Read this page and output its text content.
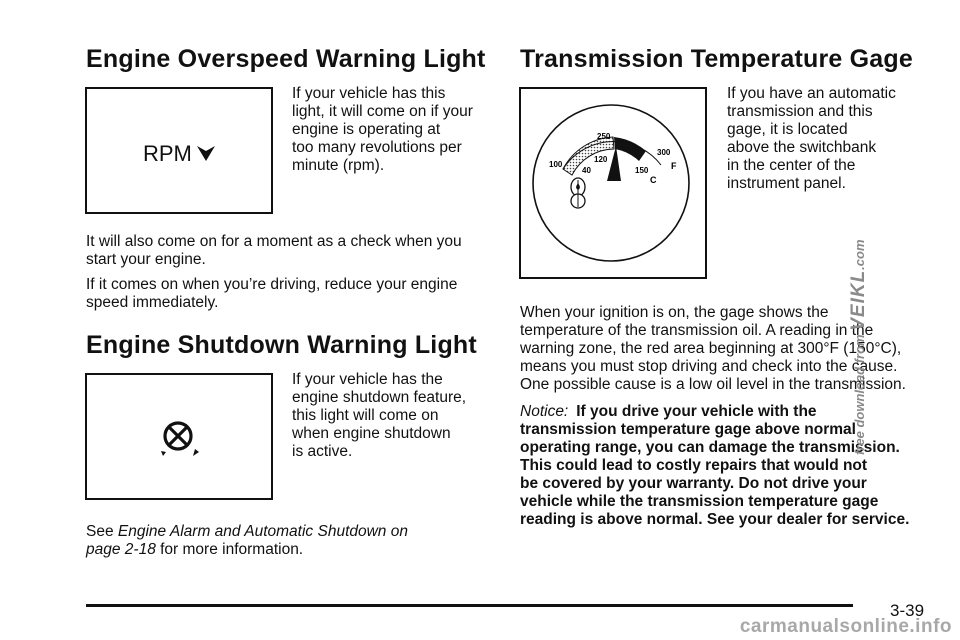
Engine Overspeed Warning Light
RPM

If your vehicle has this

light, it will come on if your

engine is operating at

too many revolutions per

minute (rpm).

It will also come on for a moment as a check when you

start your engine.

If it comes on when you’re driving, reduce your engine

speed immediately.

Engine Shutdown Warning Light

If your vehicle has the

engine shutdown feature,

this light will come on

when engine shutdown

is active.

See Engine Alarm and Automatic Shutdown on

page 2-18 for more information.

Transmission Temperature Gage
250
300
100
120
40	150	F
C

If you have an automatic

transmission and this

gage, it is located

above the switchbank

in the center of the

instrument panel.

When your ignition is on, the gage shows the

temperature of the transmission oil. A reading in the

warning zone, the red area beginning at 300°F (150°C),

means you must stop driving and check into the cause.

One possible cause is a low oil level in the transmission.

Notice: If you drive your vehicle with the

transmission temperature gage above normal

operating range, you can damage the transmission.

This could lead to costly repairs that would not

be covered by your warranty. Do not drive your

vehicle while the transmission temperature gage

reading is above normal. See your dealer for service.

3-39
free download from VEIKL.com
carmanualsonline.info
